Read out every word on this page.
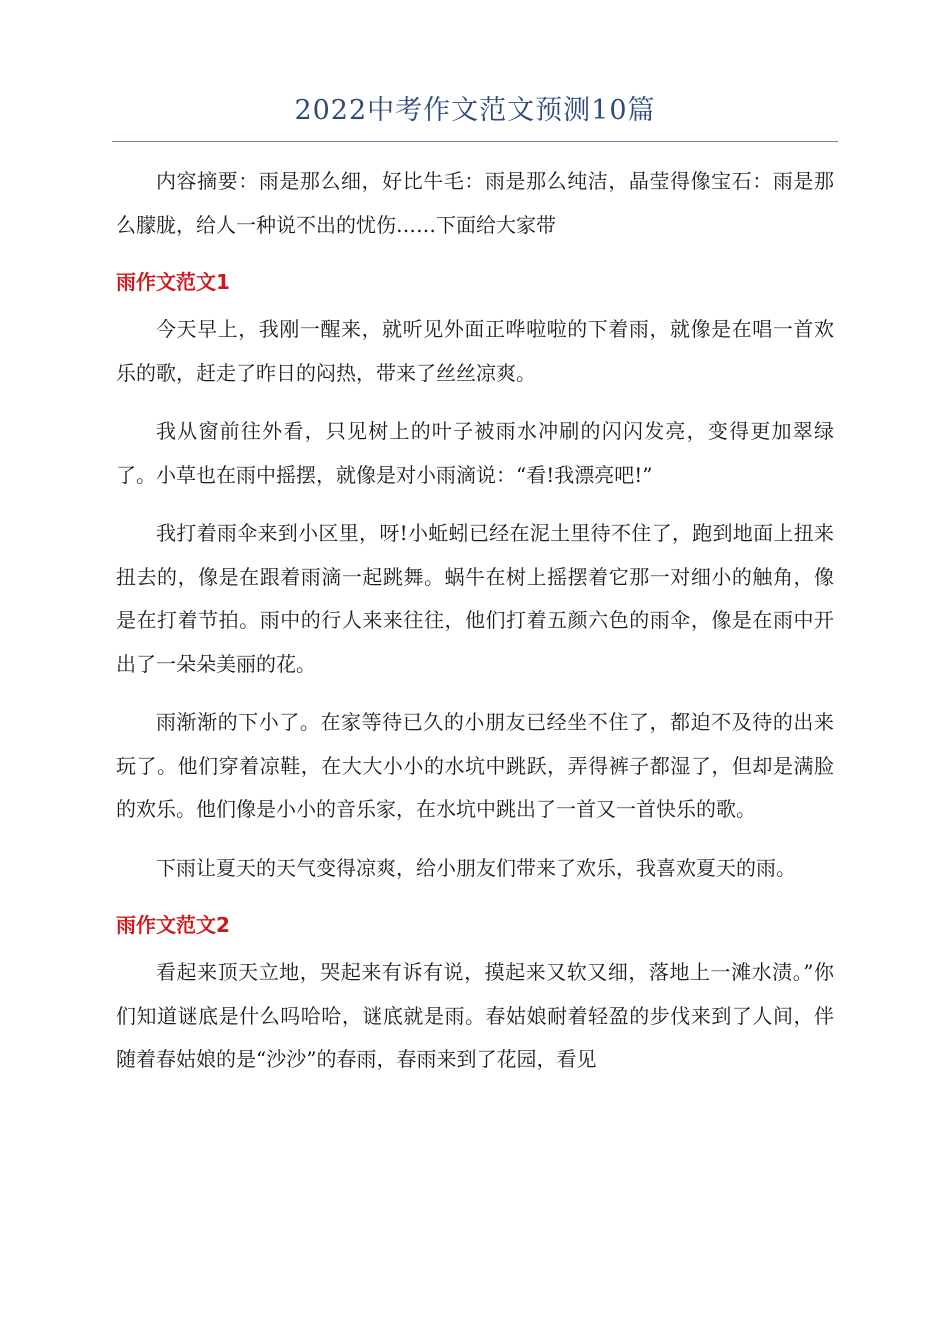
2022中考作文范文预测10篇

内容摘要：雨是那么细，好比牛毛：雨是那么纯洁，晶莹得像宝石：雨是那么朦胧，给人一种说不出的忧伤……下面给大家带

雨作文范文1

今天早上，我刚一醒来，就听见外面正哗啦啦的下着雨，就像是在唱一首欢乐的歌，赶走了昨日的闷热，带来了丝丝凉爽。

我从窗前往外看，只见树上的叶子被雨水冲刷的闪闪发亮，变得更加翠绿了。小草也在雨中摇摆，就像是对小雨滴说：“看!我漂亮吧!”

我打着雨伞来到小区里，呀!小蚯蚓已经在泥土里待不住了，跑到地面上扭来扭去的，像是在跟着雨滴一起跳舞。蜗牛在树上摇摆着它那一对细小的触角，像是在打着节拍。雨中的行人来来往往，他们打着五颜六色的雨伞，像是在雨中开出了一朵朵美丽的花。

雨渐渐的下小了。在家等待已久的小朋友已经坐不住了，都迫不及待的出来玩了。他们穿着凉鞋，在大大小小的水坑中跳跃，弄得裤子都湿了，但却是满脸的欢乐。他们像是小小的音乐家，在水坑中跳出了一首又一首快乐的歌。

下雨让夏天的天气变得凉爽，给小朋友们带来了欢乐，我喜欢夏天的雨。

雨作文范文2

看起来顶天立地，哭起来有诉有说，摸起来又软又细，落地上一滩水渍。”你们知道谜底是什么吗哈哈，谜底就是雨。春姑娘耐着轻盈的步伐来到了人间，伴随着春姑娘的是“沙沙”的春雨，春雨来到了花园，看见
